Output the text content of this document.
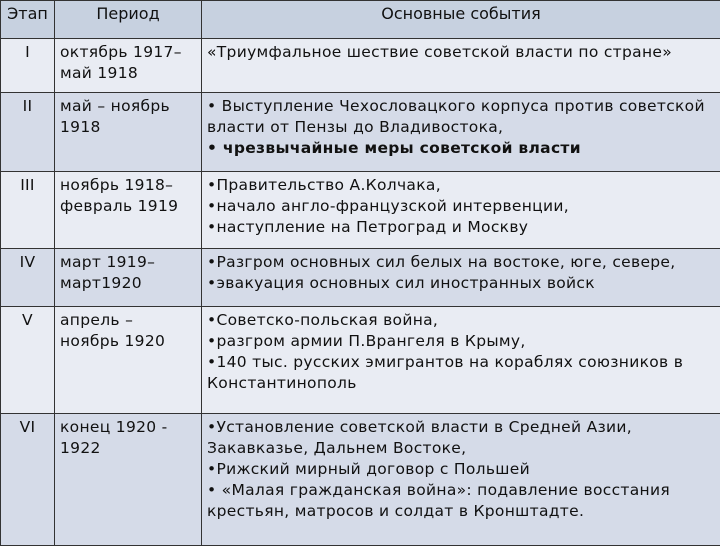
Этап	Период	Основные события
I	октябрь 1917–
май 1918	«Триумфальное шествие советской власти по стране»

II	май – ноябрь
1918	• Выступление Чехословацкого корпуса против советской власти от Пензы до Владивостока,
• чрезвычайные меры советской власти

III	ноябрь 1918–
февраль 1919	•Правительство А.Колчака,
•начало англо-французской интервенции,
•наступление на Петроград и Москву

IV	март 1919–
март1920	•Разгром основных сил белых на востоке, юге, севере,
•эвакуация основных сил иностранных войск

V	апрель –
ноябрь 1920	•Советско-польская война,
•разгром армии П.Врангеля в Крыму,
•140 тыс. русских эмигрантов на кораблях союзников в Константинополь

VI	конец 1920 -
1922	•Установление советской власти в Средней Азии, Закавказье, Дальнем Востоке,
•Рижский мирный договор с Польшей
• «Малая гражданская война»: подавление восстания крестьян, матросов и солдат в Кронштадте.
